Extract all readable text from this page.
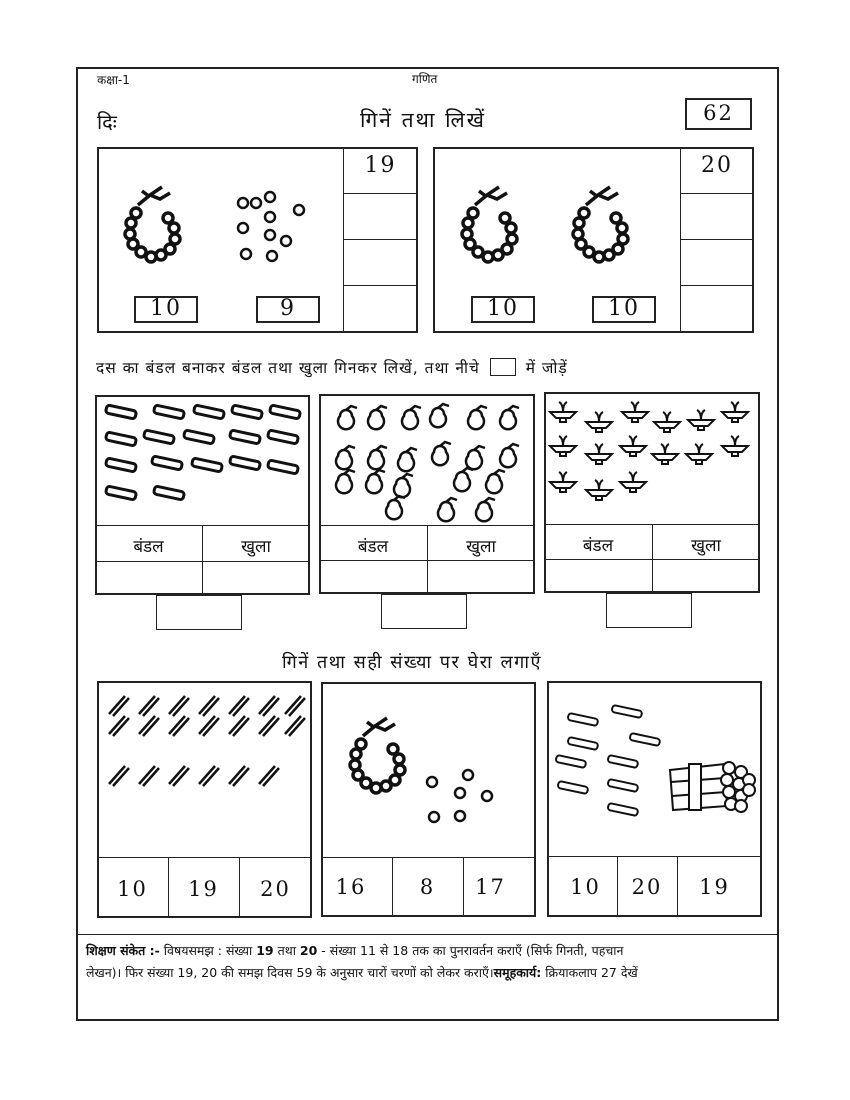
कक्षा-1	गणित
दिः	गिनें तथा लिखें	62
19
10	9
20
10	10
दस का बंडल बनाकर बंडल तथा खुला गिनकर लिखें, तथा नीचे	में जोड़ें
बंडल	खुला	बंडल	खुला	बंडल	खुला
गिनें तथा सही संख्या पर घेरा लगाएँ
10	19	20	16	8	17	10	20	19
शिक्षण संकेत :- विषयसमझ : संख्या 19 तथा 20 - संख्या 11 से 18 तक का पुनरावर्तन कराएँ (सिर्फ गिनती, पहचान
लेखन)। फिर संख्या 19, 20 की समझ दिवस 59 के अनुसार चारों चरणों को लेकर कराएँ।समूहकार्य: क्रियाकलाप 27 देखें
